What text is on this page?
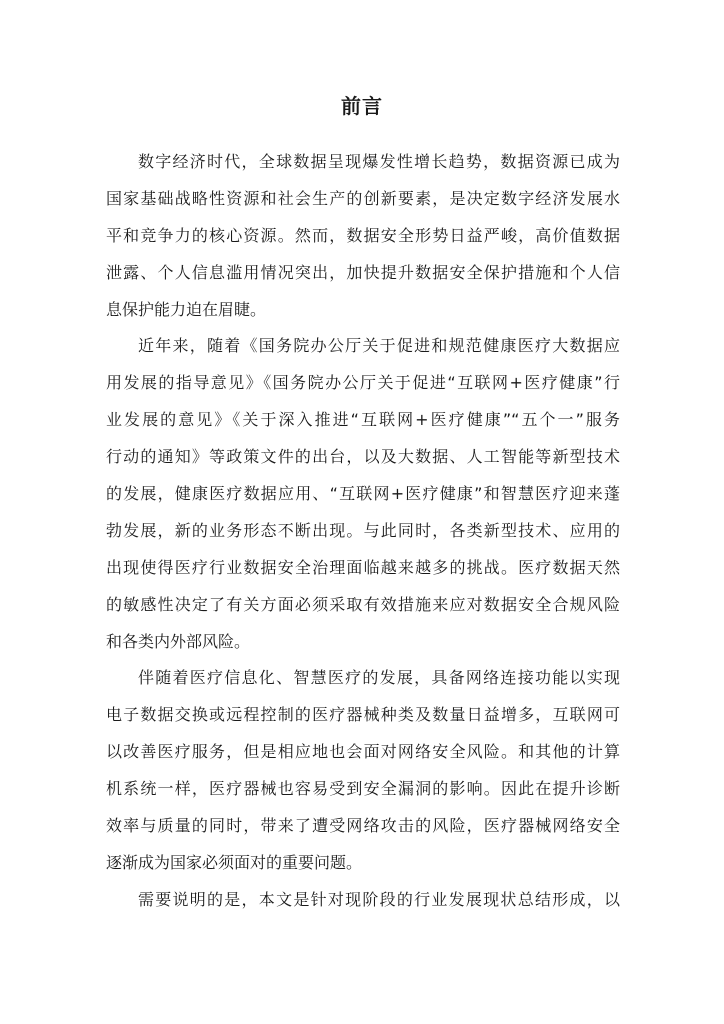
前言
数字经济时代，全球数据呈现爆发性增长趋势，数据资源已成为
国家基础战略性资源和社会生产的创新要素，是决定数字经济发展水
平和竞争力的核心资源。然而，数据安全形势日益严峻，高价值数据
泄露、个人信息滥用情况突出，加快提升数据安全保护措施和个人信
息保护能力迫在眉睫。
近年来，随着《国务院办公厅关于促进和规范健康医疗大数据应
用发展的指导意见》《国务院办公厅关于促进“互联网+医疗健康”行
业发展的意见》《关于深入推进“互联网+医疗健康”“五个一”服务
行动的通知》等政策文件的出台，以及大数据、人工智能等新型技术
的发展，健康医疗数据应用、“互联网+医疗健康”和智慧医疗迎来蓬
勃发展，新的业务形态不断出现。与此同时，各类新型技术、应用的
出现使得医疗行业数据安全治理面临越来越多的挑战。医疗数据天然
的敏感性决定了有关方面必须采取有效措施来应对数据安全合规风险
和各类内外部风险。
伴随着医疗信息化、智慧医疗的发展，具备网络连接功能以实现
电子数据交换或远程控制的医疗器械种类及数量日益增多，互联网可
以改善医疗服务，但是相应地也会面对网络安全风险。和其他的计算
机系统一样，医疗器械也容易受到安全漏洞的影响。因此在提升诊断
效率与质量的同时，带来了遭受网络攻击的风险，医疗器械网络安全
逐渐成为国家必须面对的重要问题。
需要说明的是，本文是针对现阶段的行业发展现状总结形成，以
